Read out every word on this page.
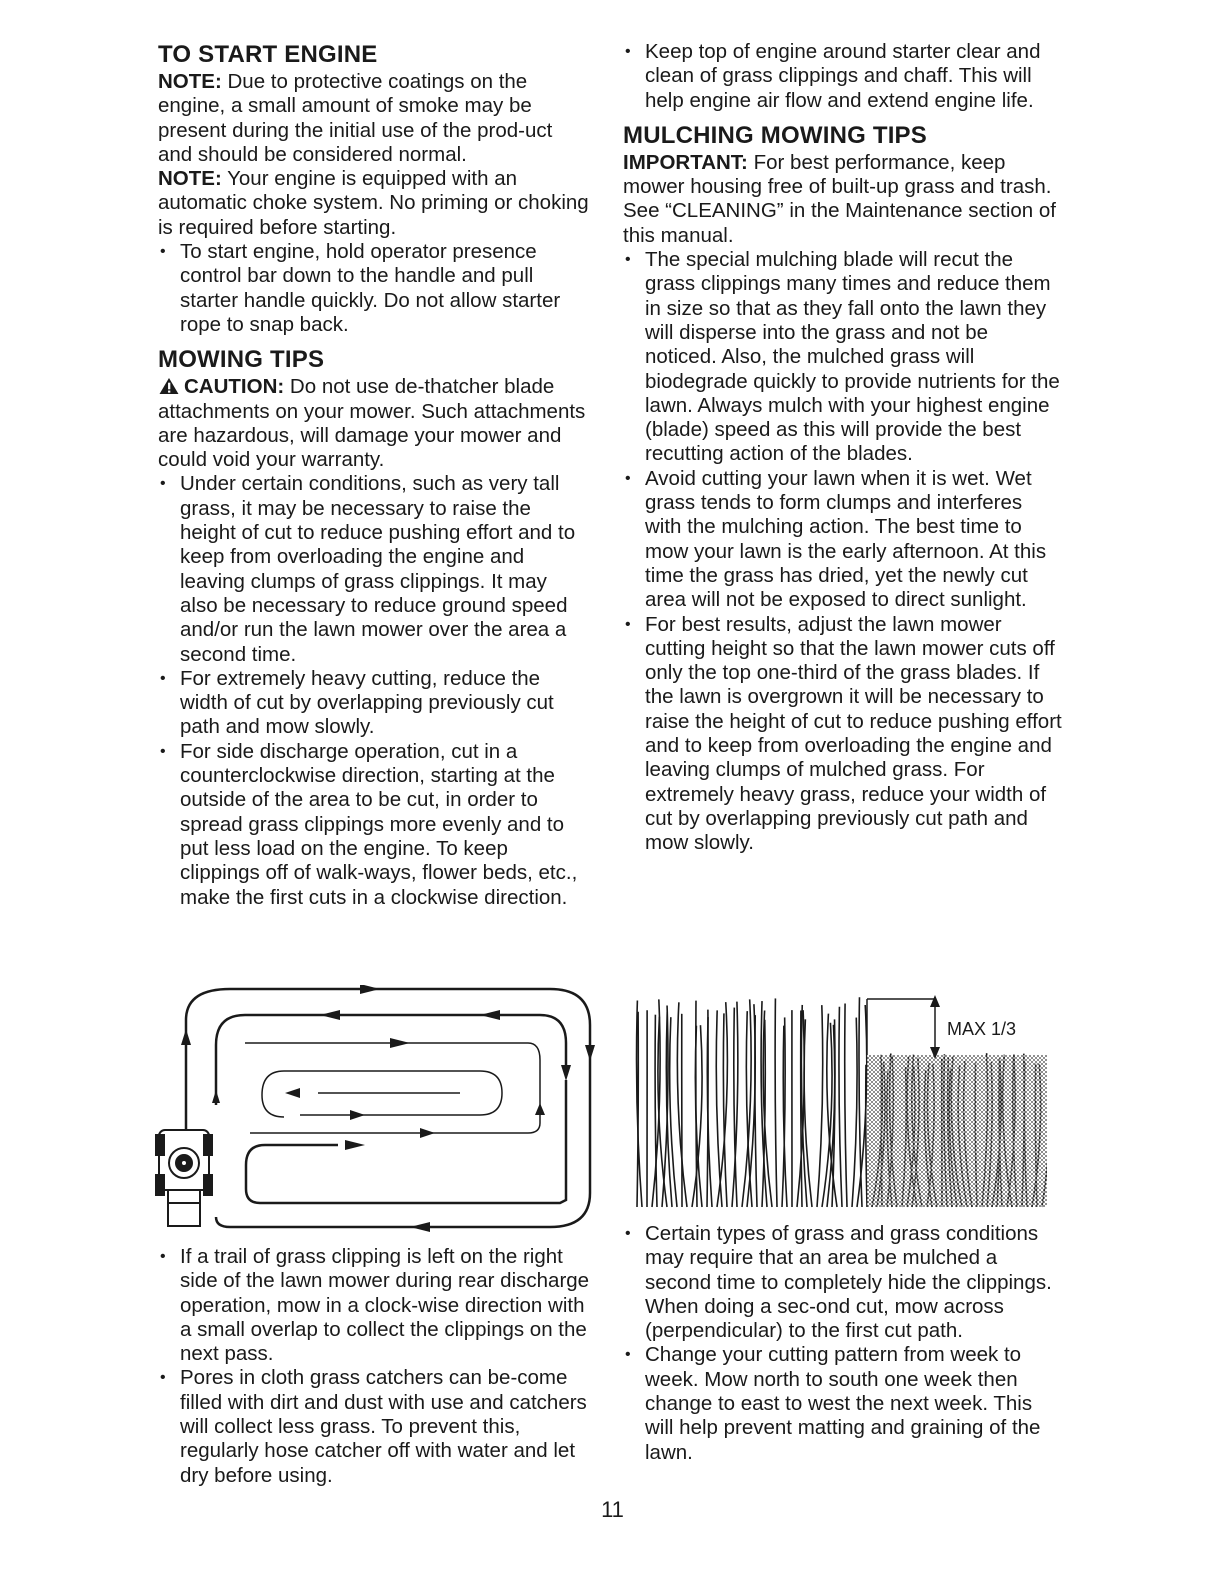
TO START ENGINE

NOTE: Due to protective coatings on the engine, a small amount of smoke may be present during the initial use of the prod-uct and should be considered normal.

NOTE: Your engine is equipped with an automatic choke system. No priming or choking is required before starting.

• To start engine, hold operator presence control bar down to the handle and pull starter handle quickly. Do not allow starter rope to snap back.
MOWING TIPS

CAUTION: Do not use de-thatcher blade attachments on your mower. Such attachments are hazardous, will damage your mower and could void your warranty.

• Under certain conditions, such as very tall grass, it may be necessary to raise the height of cut to reduce pushing effort and to keep from overloading the engine and leaving clumps of grass clippings. It may also be necessary to reduce ground speed and/or run the lawn mower over the area a second time.
• For extremely heavy cutting, reduce the width of cut by overlapping previously cut path and mow slowly.
• For side discharge operation, cut in a counterclockwise direction, starting at the outside of the area to be cut, in order to spread grass clippings more evenly and to put less load on the engine. To keep clippings off of walk-ways, flower beds, etc., make the first cuts in a clockwise direction.
• If a trail of grass clipping is left on the right side of the lawn mower during rear discharge operation, mow in a clock-wise direction with a small overlap to collect the clippings on the next pass.
• Pores in cloth grass catchers can be-come filled with dirt and dust with use and catchers will collect less grass. To prevent this, regularly hose catcher off with water and let dry before using.
• Keep top of engine around starter clear and clean of grass clippings and chaff. This will help engine air flow and extend engine life.
MULCHING MOWING TIPS

IMPORTANT: For best performance, keep mower housing free of built-up grass and trash. See “CLEANING” in the Maintenance section of this manual.

• The special mulching blade will recut the grass clippings many times and reduce them in size so that as they fall onto the lawn they will disperse into the grass and not be noticed. Also, the mulched grass will biodegrade quickly to provide nutrients for the lawn. Always mulch with your highest engine (blade) speed as this will provide the best recutting action of the blades.
• Avoid cutting your lawn when it is wet. Wet grass tends to form clumps and interferes with the mulching action. The best time to mow your lawn is the early afternoon. At this time the grass has dried, yet the newly cut area will not be exposed to direct sunlight.
• For best results, adjust the lawn mower cutting height so that the lawn mower cuts off only the top one-third of the grass blades. If the lawn is overgrown it will be necessary to raise the height of cut to reduce pushing effort and to keep from overloading the engine and leaving clumps of mulched grass. For extremely heavy grass, reduce your width of cut by overlapping previously cut path and mow slowly.
MAX 1/3
• Certain types of grass and grass conditions may require that an area be mulched a second time to completely hide the clippings. When doing a sec-ond cut, mow across (perpendicular) to the first cut path.
• Change your cutting pattern from week to week. Mow north to south one week then change to east to west the next week. This will help prevent matting and graining of the lawn.
11
